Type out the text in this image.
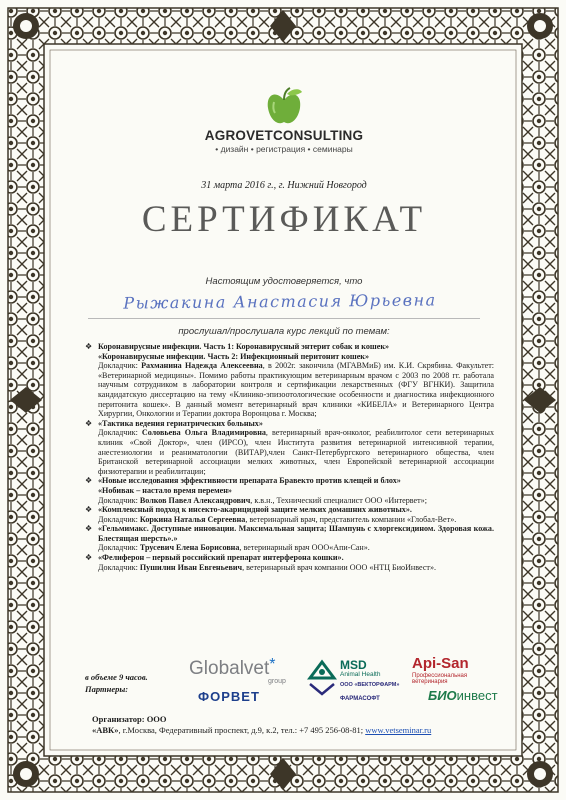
AGROVETCONSULTING
• дизайн • регистрация • семинары
31 марта 2016 г., г. Нижний Новгород
СЕРТИФИКАТ
Настоящим удостоверяется, что
Рыжакина Анастасия Юрьевна
прослушал/прослушала курс лекций по темам:
❖ Коронавирусные инфекции. Часть 1: Коронавирусный энтерит собак и кошек»
«Коронавирусные инфекции. Часть 2: Инфекционный перитонит кошек»
Докладчик: Рахманина Надежда Алексеевна, в 2002г. закончила (МГАВМиБ) им. К.И. Скрябина. Факультет: «Ветеринарной медицины». Помимо работы практикующим ветеринарным врачом с 2003 по 2008 гг. работала научным сотрудником в лаборатории контроля и сертификации лекарственных (ФГУ ВГНКИ). Защитила кандидатскую диссертацию на тему «Клинико-эпизоотологические особенности и диагностика инфекционного перитонита кошек». В данный момент ветеринарный врач клиники «КИБЕЛА» и Ветеринарного Центра Хирургии, Онкологии и Терапии доктора Воронцова г. Москва;
❖ «Тактика ведения гериатрических больных»
Докладчик: Соловьева Ольга Владимировна, ветеринарный врач-онколог, реабилитолог сети ветеринарных клиник «Свой Доктор», член (ИРСО), член Института развития ветеринарной интенсивной терапии, анестезиологии и реаниматологии (ВИТАР),член Санкт-Петербургского ветеринарного общества, член Британской ветеринарной ассоциации мелких животных, член Европейской ветеринарной ассоциации физиотерапии и реабилитации;
❖ «Новые исследования эффективности препарата Бравекто против клещей и блох»
«Нобивак – настало время перемен»
Докладчик: Волков Павел Александрович, к.в.н., Технический специалист ООО «Интервет»;
❖ «Комплексный подход к инсекто-акарицидной защите мелких домашних животных».
Докладчик: Коркина Наталья Сергеевна, ветеринарный врач, представитель компании «Глобал-Вет».
❖ «Гельмимакс. Доступные инновации. Максимальная защита; Шампунь с хлоргексидином. Здоровая кожа. Блестящая шерсть».»
Докладчик: Трусевич Елена Борисовна, ветеринарный врач ООО«Апи-Сан».
❖ «Фелиферон – первый российский препарат интерферона кошки».
Докладчик: Пушилин Иван Евгеньевич, ветеринарный врач компании ООО «НТЦ БиоИнвест».
в объеме 9 часов.
Партнеры:
Globalvet*
group
ФОРВЕТ
MSD
Animal Health
ООО «ВЕКТОРФАРМ»
ФАРМАСОФТ
Api-San
Профессиональная ветеринария
БИОинвест
Организатор: ООО
«АВК», г.Москва, Федеративный проспект, д.9, к.2, тел.: +7 495 256-08-81; www.vetseminar.ru
